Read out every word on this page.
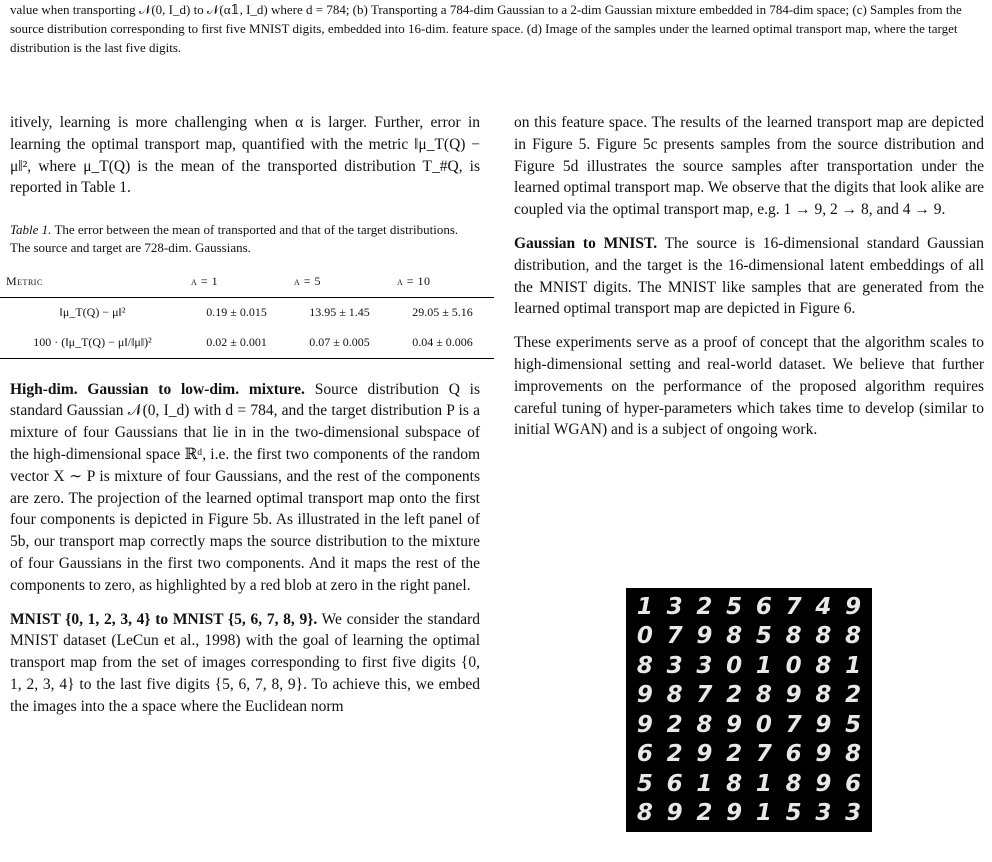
value when transporting 𝒩(0, I_d) to 𝒩(α𝟙, I_d) where d = 784; (b) Transporting a 784-dim Gaussian to a 2-dim Gaussian mixture embedded in 784-dim space; (c) Samples from the source distribution corresponding to first five MNIST digits, embedded into 16-dim. feature space. (d) Image of the samples under the learned optimal transport map, where the target distribution is the last five digits.

itively, learning is more challenging when α is larger. Further, error in learning the optimal transport map, quantified with the metric ‖μ_T(Q) − μ‖², where μ_T(Q) is the mean of the transported distribution T_#Q, is reported in Table 1.

Table 1. The error between the mean of transported and that of the target distributions. The source and target are 728-dim. Gaussians.
Metric	α = 1	α = 5	α = 10
‖μ_T(Q) − μ‖²	0.19 ± 0.015	13.95 ± 1.45	29.05 ± 5.16
100 · (‖μ_T(Q) − μ‖/‖μ‖)²	0.02 ± 0.001	0.07 ± 0.005	0.04 ± 0.006

High-dim. Gaussian to low-dim. mixture. Source distribution Q is standard Gaussian 𝒩(0, I_d) with d = 784, and the target distribution P is a mixture of four Gaussians that lie in in the two-dimensional subspace of the high-dimensional space ℝᵈ, i.e. the first two components of the random vector X ∼ P is mixture of four Gaussians, and the rest of the components are zero. The projection of the learned optimal transport map onto the first four components is depicted in Figure 5b. As illustrated in the left panel of 5b, our transport map correctly maps the source distribution to the mixture of four Gaussians in the first two components. And it maps the rest of the components to zero, as highlighted by a red blob at zero in the right panel.

MNIST {0, 1, 2, 3, 4} to MNIST {5, 6, 7, 8, 9}. We consider the standard MNIST dataset (LeCun et al., 1998) with the goal of learning the optimal transport map from the set of images corresponding to first five digits {0, 1, 2, 3, 4} to the last five digits {5, 6, 7, 8, 9}. To achieve this, we embed the images into the a space where the Euclidean norm

on this feature space. The results of the learned transport map are depicted in Figure 5. Figure 5c presents samples from the source distribution and Figure 5d illustrates the source samples after transportation under the learned optimal transport map. We observe that the digits that look alike are coupled via the optimal transport map, e.g. 1 → 9, 2 → 8, and 4 → 9.

Gaussian to MNIST. The source is 16-dimensional standard Gaussian distribution, and the target is the 16-dimensional latent embeddings of all the MNIST digits. The MNIST like samples that are generated from the learned optimal transport map are depicted in Figure 6.

These experiments serve as a proof of concept that the algorithm scales to high-dimensional setting and real-world dataset. We believe that further improvements on the performance of the proposed algorithm requires careful tuning of hyper-parameters which takes time to develop (similar to initial WGAN) and is a subject of ongoing work.

1 3 2 5 6 7 4 9
0 7 9 8 5 8 8 8
8 3 3 0 1 0 8 1
9 8 7 2 8 9 8 2
9 2 8 9 0 7 9 5
6 2 9 2 7 6 9 8
5 6 1 8 1 8 9 6
8 9 2 9 1 5 3 3
